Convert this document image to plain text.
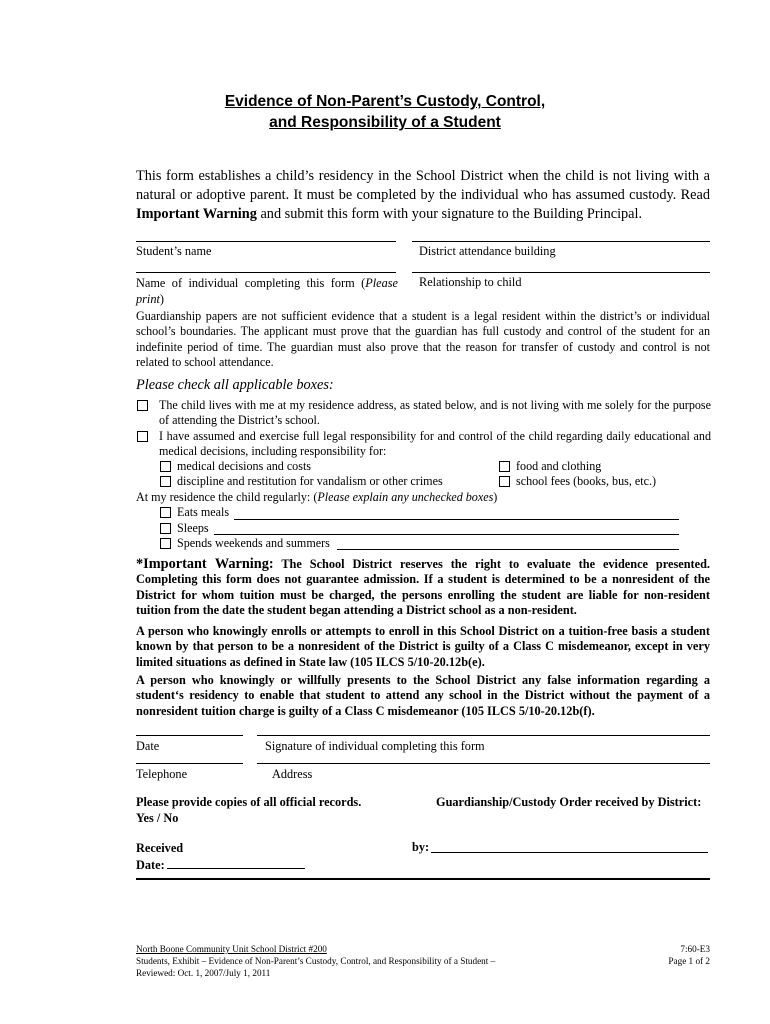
Evidence of Non-Parent’s Custody, Control,
and Responsibility of a Student
This form establishes a child’s residency in the School District when the child is not living with a natural or adoptive parent. It must be completed by the individual who has assumed custody. Read Important Warning and submit this form with your signature to the Building Principal.
Student’s name	District attendance building
Name of individual completing this form (Please print)
Relationship to child
Guardianship papers are not sufficient evidence that a student is a legal resident within the district’s or individual school’s boundaries. The applicant must prove that the guardian has full custody and control of the student for an indefinite period of time. The guardian must also prove that the reason for transfer of custody and control is not related to school attendance.
Please check all applicable boxes:
The child lives with me at my residence address, as stated below, and is not living with me solely for the purpose of attending the District’s school.
I have assumed and exercise full legal responsibility for and control of the child regarding daily educational and medical decisions, including responsibility for:
medical decisions and costs	food and clothing
discipline and restitution for vandalism or other crimes	school fees (books, bus, etc.)
At my residence the child regularly: (Please explain any unchecked boxes)
Eats meals
Sleeps
Spends weekends and summers
*Important Warning: The School District reserves the right to evaluate the evidence presented. Completing this form does not guarantee admission. If a student is determined to be a nonresident of the District for whom tuition must be charged, the persons enrolling the student are liable for non-resident tuition from the date the student began attending a District school as a non-resident.
A person who knowingly enrolls or attempts to enroll in this School District on a tuition-free basis a student known by that person to be a nonresident of the District is guilty of a Class C misdemeanor, except in very limited situations as defined in State law (105 ILCS 5/10-20.12b(e).
A person who knowingly or willfully presents to the School District any false information regarding a student‘s residency to enable that student to attend any school in the District without the payment of a nonresident tuition charge is guilty of a Class C misdemeanor (105 ILCS 5/10-20.12b(f).
Date	Signature of individual completing this form
Telephone	Address
Please provide copies of all official records.
Yes / No
Guardianship/Custody Order received by District:
Received
Date:
by:
North Boone Community Unit School District #200	7:60-E3
Students, Exhibit – Evidence of Non-Parent’s Custody, Control, and Responsibility of a Student –	Page 1 of 2
Reviewed: Oct. 1, 2007/July 1, 2011
